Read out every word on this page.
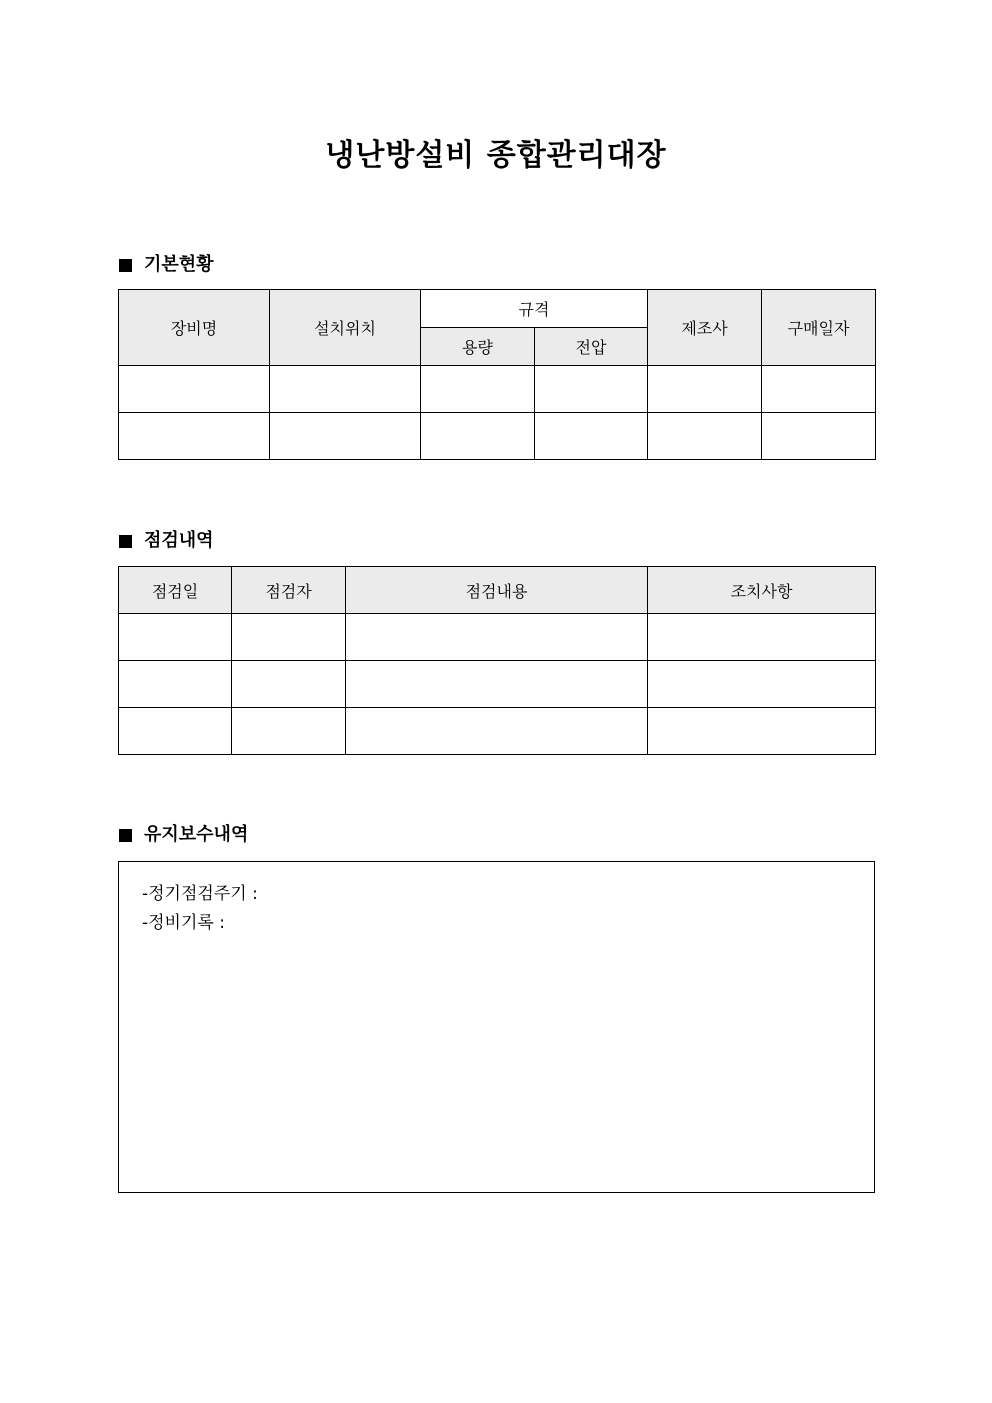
냉난방설비 종합관리대장
기본현황
장비명	설치위치	규격		제조사	구매일자
		용량	전압		

점검내역
점검일	점검자	점검내용	조치사항

유지보수내역
-정기점검주기 :
-정비기록 :
